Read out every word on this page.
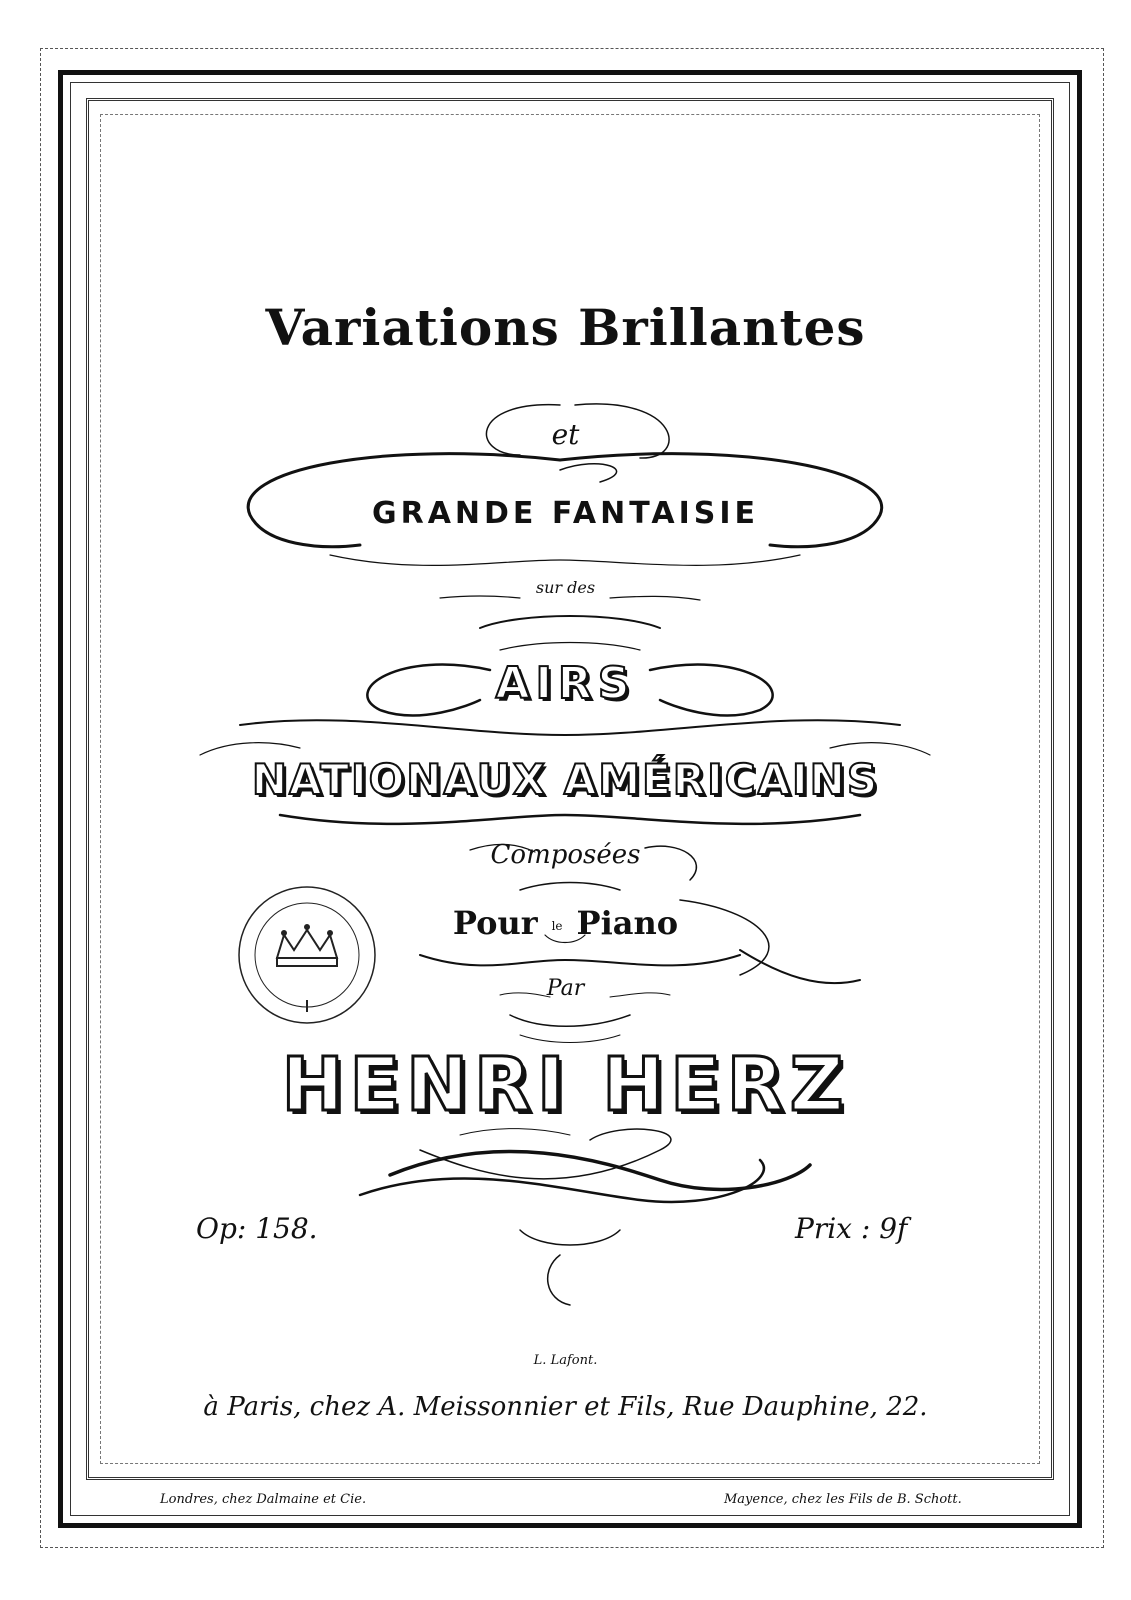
Variations Brillantes
et
GRANDE FANTAISIE
sur des
AIRS
NATIONAUX AMÉRICAINS
Composées
Pour le Piano
Par
HENRI HERZ
Op: 158.	Prix : 9f
L. Lafont.
à Paris, chez A. Meissonnier et Fils, Rue Dauphine, 22.
Londres, chez Dalmaine et Cie.	Mayence, chez les Fils de B. Schott.
